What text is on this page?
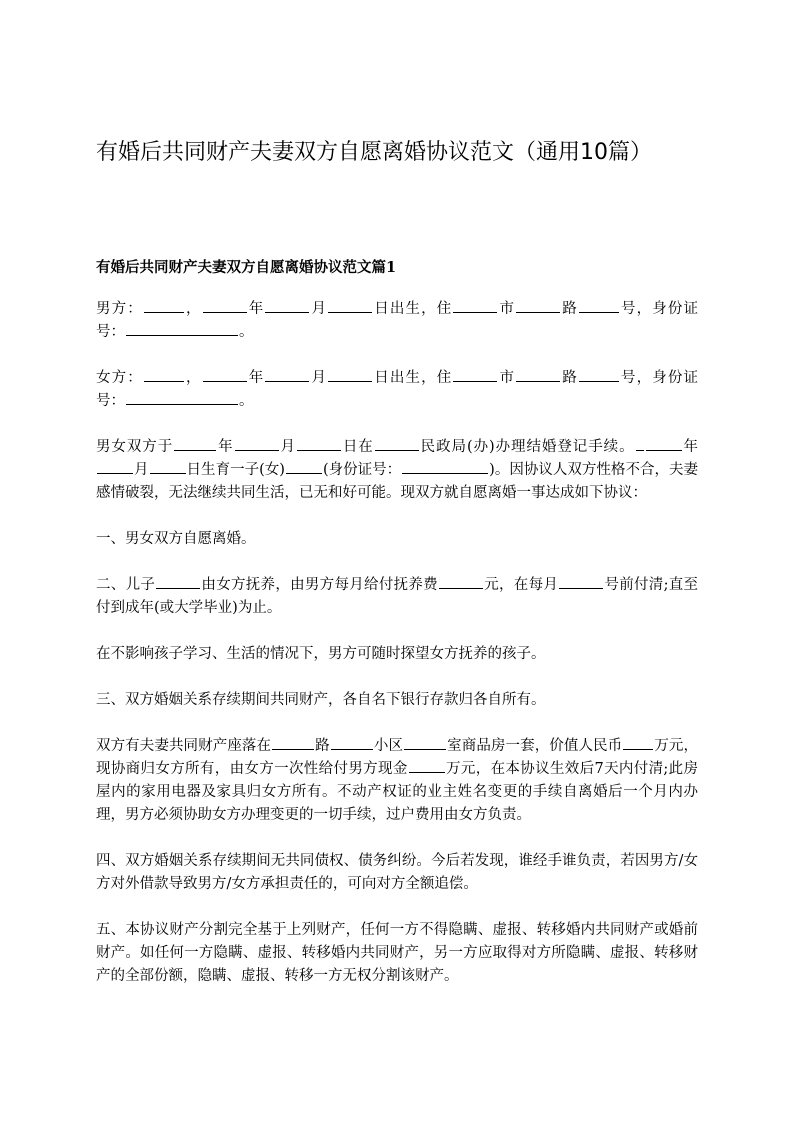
有婚后共同财产夫妻双方自愿离婚协议范文（通用10篇）
有婚后共同财产夫妻双方自愿离婚协议范文篇1

男方：	，	年	月	日出生，住	市	路	号，身份证号：	。

女方：	，	年	月	日出生，住	市	路	号，身份证号：	。

男女双方于	年	月	日在	民政局(办)办理结婚登记手续。	年月	日生育一子(女)	(身份证号：	)。因协议人双方性格不合，夫妻感情破裂，无法继续共同生活，已无和好可能。现双方就自愿离婚一事达成如下协议：

一、男女双方自愿离婚。

二、儿子	由女方抚养，由男方每月给付抚养费	元，在每月	号前付清;直至付到成年(或大学毕业)为止。

在不影响孩子学习、生活的情况下，男方可随时探望女方抚养的孩子。

三、双方婚姻关系存续期间共同财产，各自名下银行存款归各自所有。

双方有夫妻共同财产座落在	路	小区	室商品房一套，价值人民币 万元，现协商归女方所有，由女方一次性给付男方现金	万元，在本协议生效后7天内付清;此房屋内的家用电器及家具归女方所有。不动产权证的业主姓名变更的手续自离婚后一个月内办理，男方必须协助女方办理变更的一切手续，过户费用由女方负责。

四、双方婚姻关系存续期间无共同债权、债务纠纷。今后若发现，谁经手谁负责，若因男方/女方对外借款导致男方/女方承担责任的，可向对方全额追偿。

五、本协议财产分割完全基于上列财产，任何一方不得隐瞒、虚报、转移婚内共同财产或婚前财产。如任何一方隐瞒、虚报、转移婚内共同财产，另一方应取得对方所隐瞒、虚报、转移财产的全部份额，隐瞒、虚报、转移一方无权分割该财产。
